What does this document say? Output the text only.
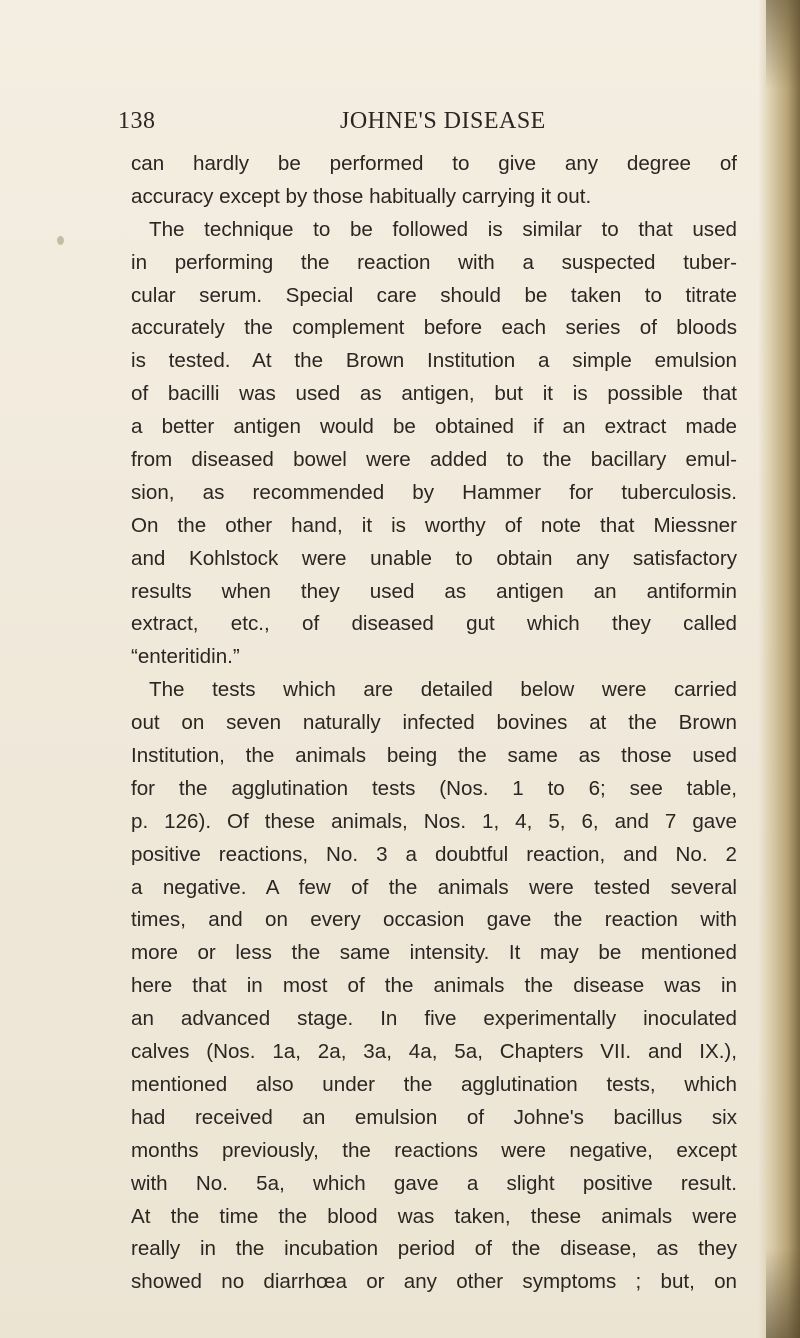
138	JOHNE'S DISEASE
can hardly be performed to give any degree of
accuracy except by those habitually carrying it out.
The technique to be followed is similar to that used
in performing the reaction with a suspected tuber-
cular serum. Special care should be taken to titrate
accurately the complement before each series of bloods
is tested. At the Brown Institution a simple emulsion
of bacilli was used as antigen, but it is possible that
a better antigen would be obtained if an extract made
from diseased bowel were added to the bacillary emul-
sion, as recommended by Hammer for tuberculosis.
On the other hand, it is worthy of note that Miessner
and Kohlstock were unable to obtain any satisfactory
results when they used as antigen an antiformin
extract, etc., of diseased gut which they called
“enteritidin.”
The tests which are detailed below were carried
out on seven naturally infected bovines at the Brown
Institution, the animals being the same as those used
for the agglutination tests (Nos. 1 to 6; see table,
p. 126). Of these animals, Nos. 1, 4, 5, 6, and 7 gave
positive reactions, No. 3 a doubtful reaction, and No. 2
a negative. A few of the animals were tested several
times, and on every occasion gave the reaction with
more or less the same intensity. It may be mentioned
here that in most of the animals the disease was in
an advanced stage. In five experimentally inoculated
calves (Nos. 1a, 2a, 3a, 4a, 5a, Chapters VII. and IX.),
mentioned also under the agglutination tests, which
had received an emulsion of Johne's bacillus six
months previously, the reactions were negative, except
with No. 5a, which gave a slight positive result.
At the time the blood was taken, these animals were
really in the incubation period of the disease, as they
showed no diarrhœa or any other symptoms ; but, on
